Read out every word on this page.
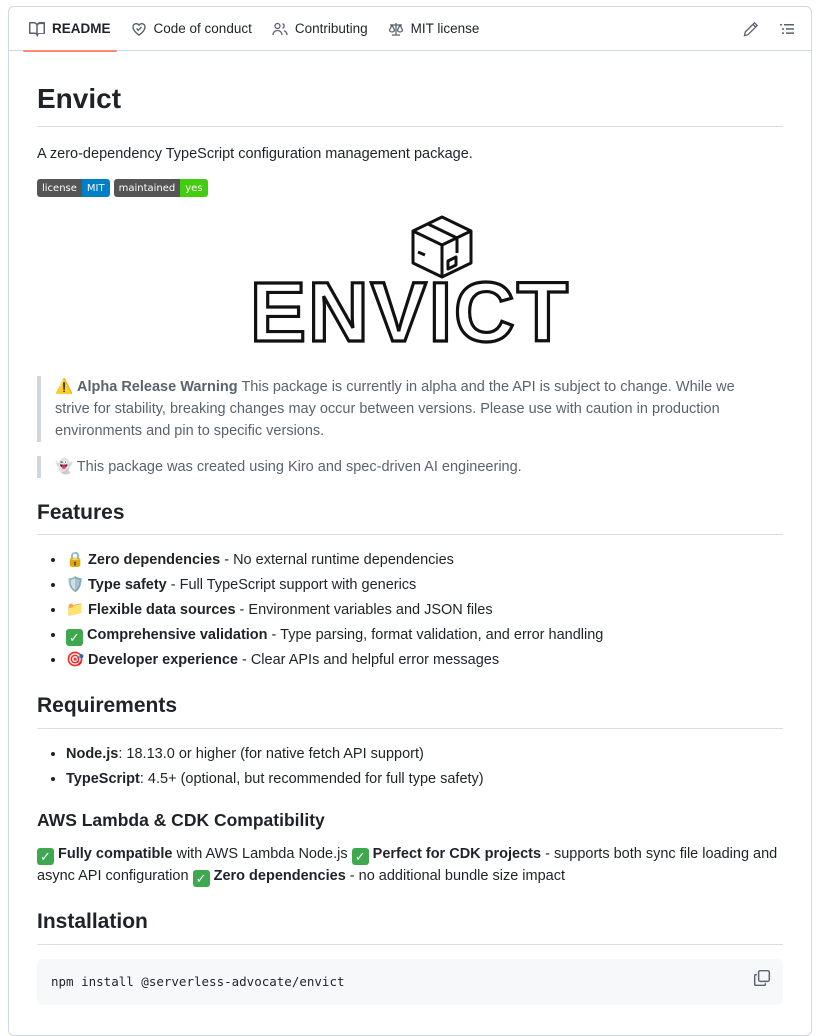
README	Code of conduct	Contributing	MIT license
Envict

A zero-dependency TypeScript configuration management package.

license	MIT	maintained	yes
ENVICT
⚠️ Alpha Release Warning This package is currently in alpha and the API is subject to change. While we strive for stability, breaking changes may occur between versions. Please use with caution in production environments and pin to specific versions.
👻 This package was created using Kiro and spec-driven AI engineering.
Features
• 🔒 Zero dependencies - No external runtime dependencies
• 🛡️ Type safety - Full TypeScript support with generics
• 📁 Flexible data sources - Environment variables and JSON files
• ✓ Comprehensive validation - Type parsing, format validation, and error handling
• 🎯 Developer experience - Clear APIs and helpful error messages
Requirements
• Node.js: 18.13.0 or higher (for native fetch API support)
• TypeScript: 4.5+ (optional, but recommended for full type safety)
AWS Lambda & CDK Compatibility

✓ Fully compatible with AWS Lambda Node.js ✓ Perfect for CDK projects - supports both sync file loading and async API configuration ✓ Zero dependencies - no additional bundle size impact

Installation
npm install @serverless-advocate/envict
